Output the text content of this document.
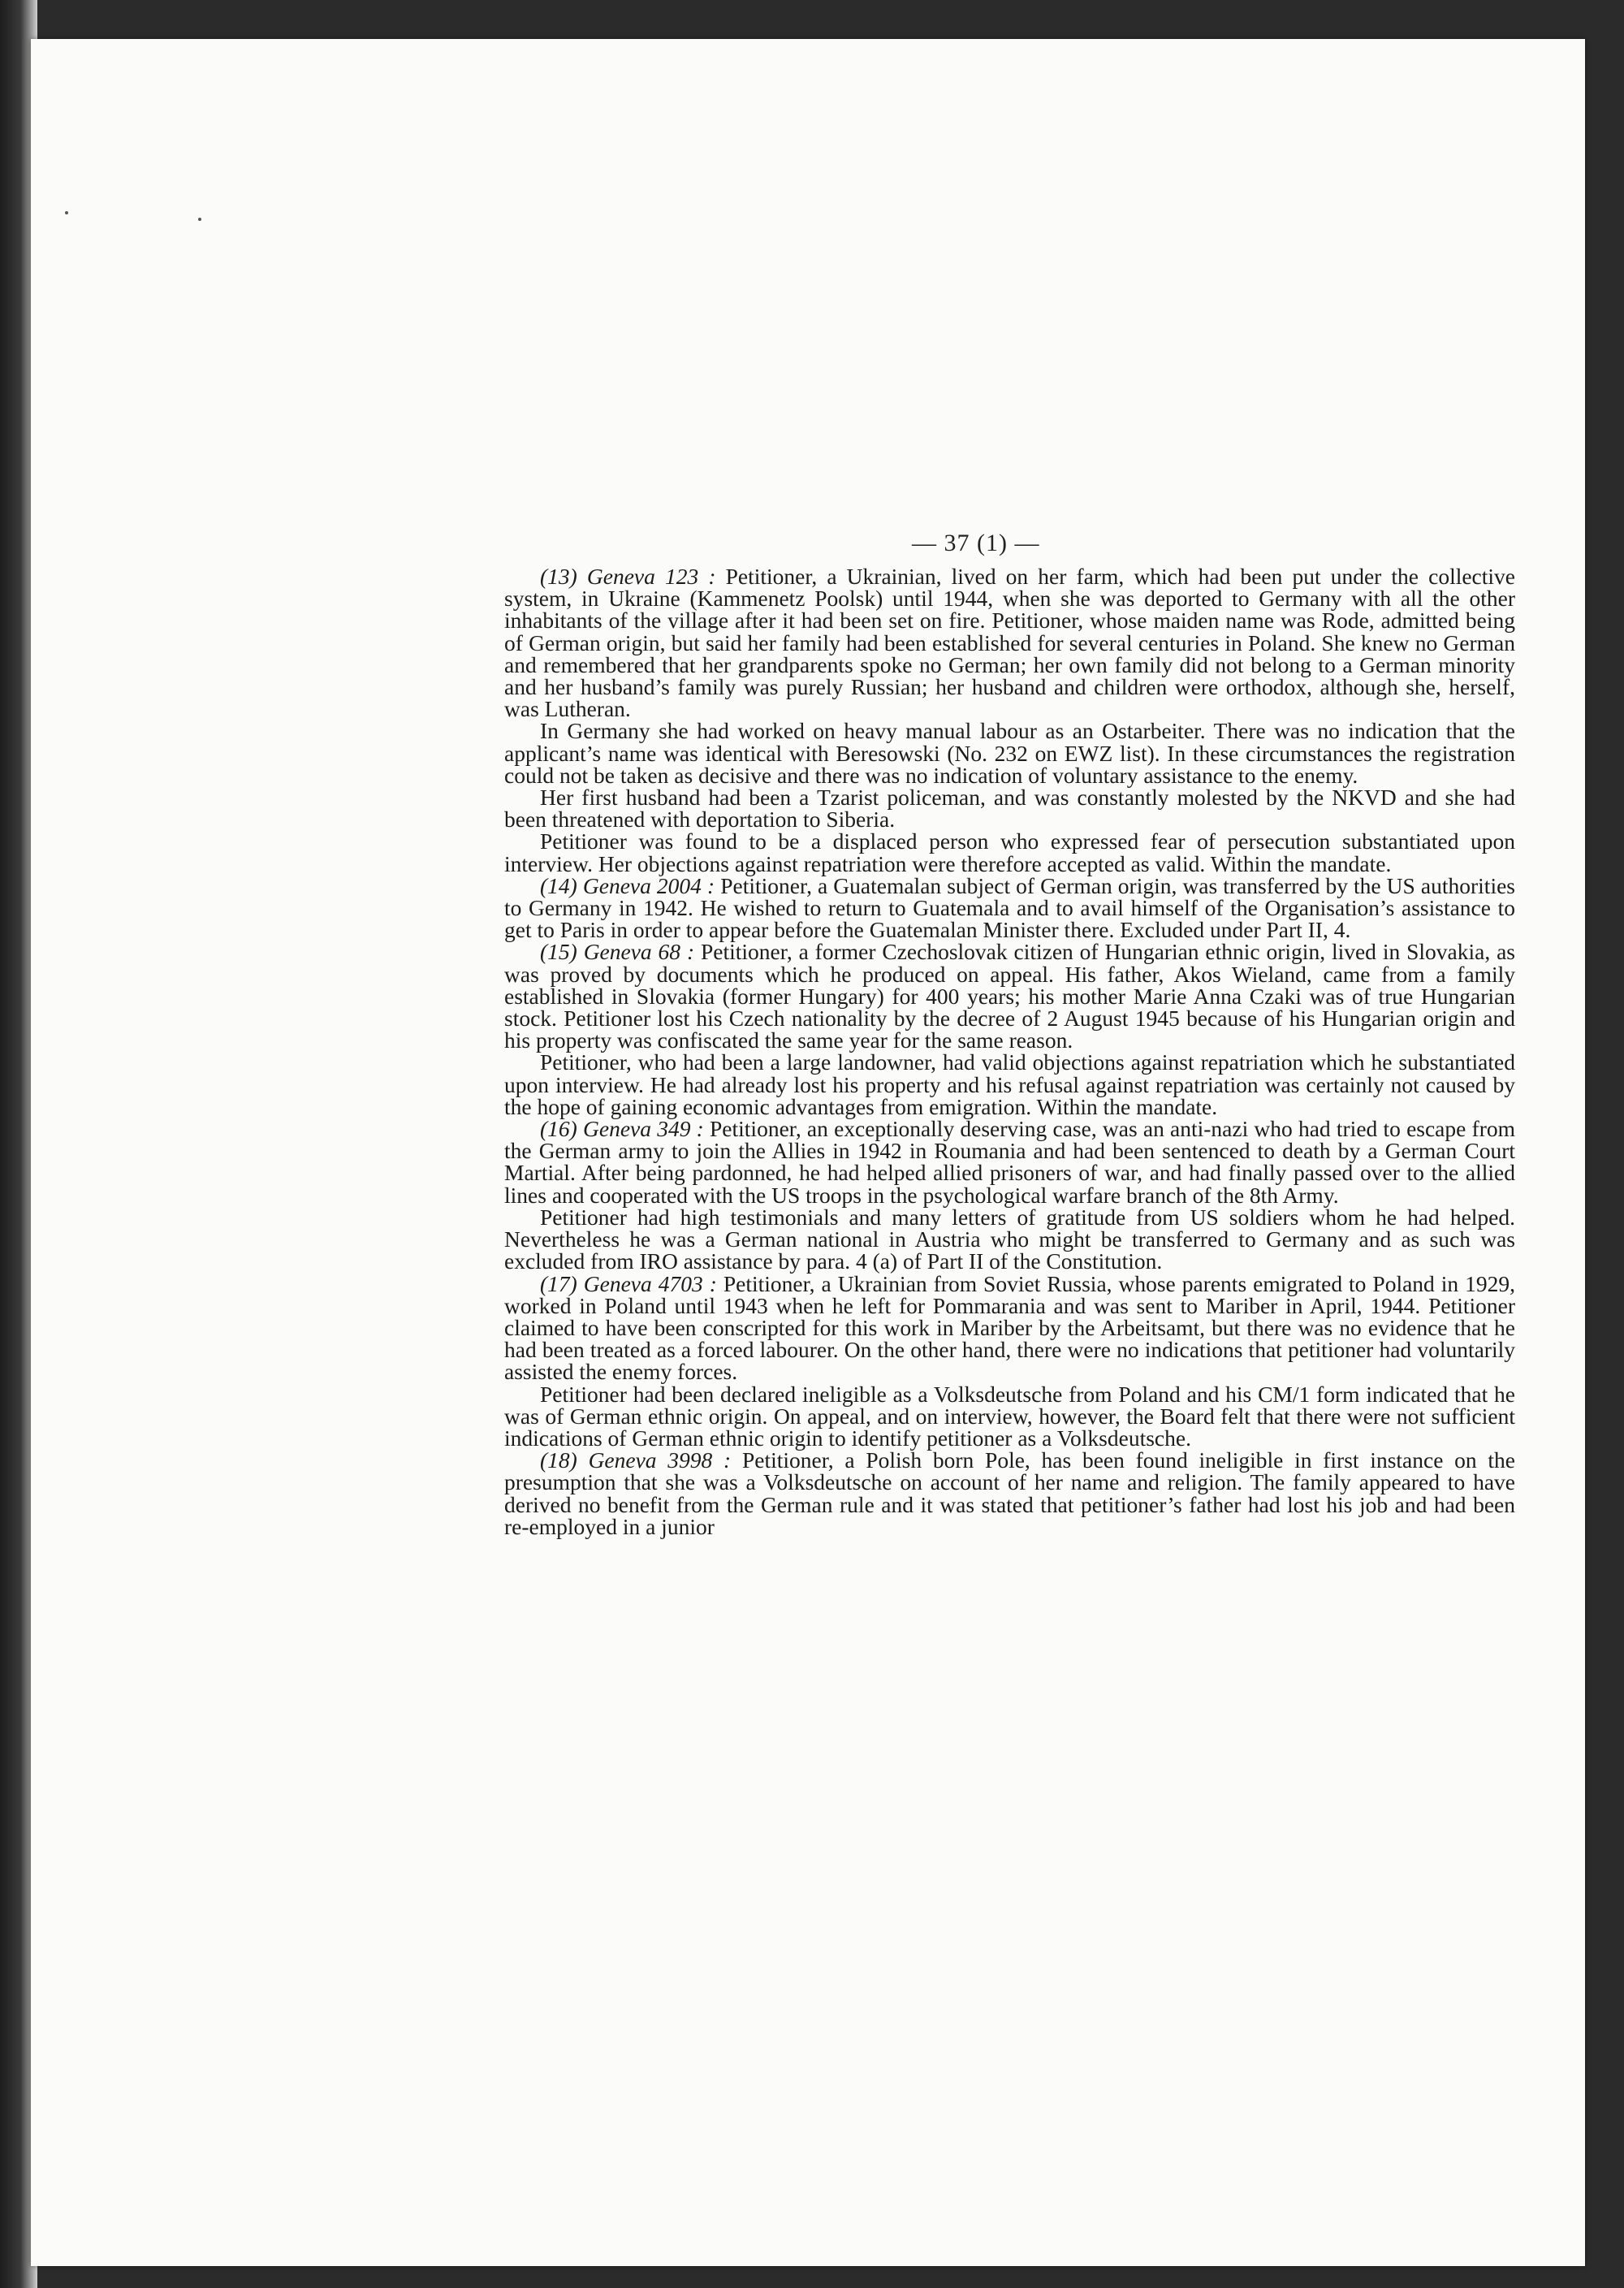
— 37 (1) —

(13) Geneva 123 : Petitioner, a Ukrainian, lived on her farm, which had been put under the collective system, in Ukraine (Kammenetz Poolsk) until 1944, when she was deported to Germany with all the other inhabitants of the village after it had been set on fire. Petitioner, whose maiden name was Rode, admitted being of German origin, but said her family had been established for several centuries in Poland. She knew no German and remembered that her grandparents spoke no German; her own family did not belong to a German minority and her husband’s family was purely Russian; her husband and children were orthodox, although she, herself, was Lutheran.

In Germany she had worked on heavy manual labour as an Ostarbeiter. There was no indication that the applicant’s name was identical with Beresowski (No. 232 on EWZ list). In these circumstances the registration could not be taken as decisive and there was no indication of voluntary assistance to the enemy.

Her first husband had been a Tzarist policeman, and was constantly molested by the NKVD and she had been threatened with deportation to Siberia.

Petitioner was found to be a displaced person who expressed fear of persecution substantiated upon interview. Her objections against repatriation were therefore accepted as valid. Within the mandate.

(14) Geneva 2004 : Petitioner, a Guatemalan subject of German origin, was transferred by the US authorities to Germany in 1942. He wished to return to Guatemala and to avail himself of the Organisation’s assistance to get to Paris in order to appear before the Guatemalan Minister there. Excluded under Part II, 4.

(15) Geneva 68 : Petitioner, a former Czechoslovak citizen of Hungarian ethnic origin, lived in Slovakia, as was proved by documents which he produced on appeal. His father, Akos Wieland, came from a family established in Slovakia (former Hungary) for 400 years; his mother Marie Anna Czaki was of true Hungarian stock. Petitioner lost his Czech nationality by the decree of 2 August 1945 because of his Hungarian origin and his property was confiscated the same year for the same reason.

Petitioner, who had been a large landowner, had valid objections against repatriation which he substantiated upon interview. He had already lost his property and his refusal against repatriation was certainly not caused by the hope of gaining economic advantages from emigration. Within the mandate.

(16) Geneva 349 : Petitioner, an exceptionally deserving case, was an anti-nazi who had tried to escape from the German army to join the Allies in 1942 in Roumania and had been sentenced to death by a German Court Martial. After being pardonned, he had helped allied prisoners of war, and had finally passed over to the allied lines and cooperated with the US troops in the psychological warfare branch of the 8th Army.

Petitioner had high testimonials and many letters of gratitude from US soldiers whom he had helped. Nevertheless he was a German national in Austria who might be transferred to Germany and as such was excluded from IRO assistance by para. 4 (a) of Part II of the Constitution.

(17) Geneva 4703 : Petitioner, a Ukrainian from Soviet Russia, whose parents emigrated to Poland in 1929, worked in Poland until 1943 when he left for Pommarania and was sent to Mariber in April, 1944. Petitioner claimed to have been conscripted for this work in Mariber by the Arbeitsamt, but there was no evidence that he had been treated as a forced labourer. On the other hand, there were no indications that petitioner had voluntarily assisted the enemy forces.

Petitioner had been declared ineligible as a Volksdeutsche from Poland and his CM/1 form indicated that he was of German ethnic origin. On appeal, and on interview, however, the Board felt that there were not sufficient indications of German ethnic origin to identify petitioner as a Volksdeutsche.

(18) Geneva 3998 : Petitioner, a Polish born Pole, has been found ineligible in first instance on the presumption that she was a Volksdeutsche on account of her name and religion. The family appeared to have derived no benefit from the German rule and it was stated that petitioner’s father had lost his job and had been re-employed in a junior
